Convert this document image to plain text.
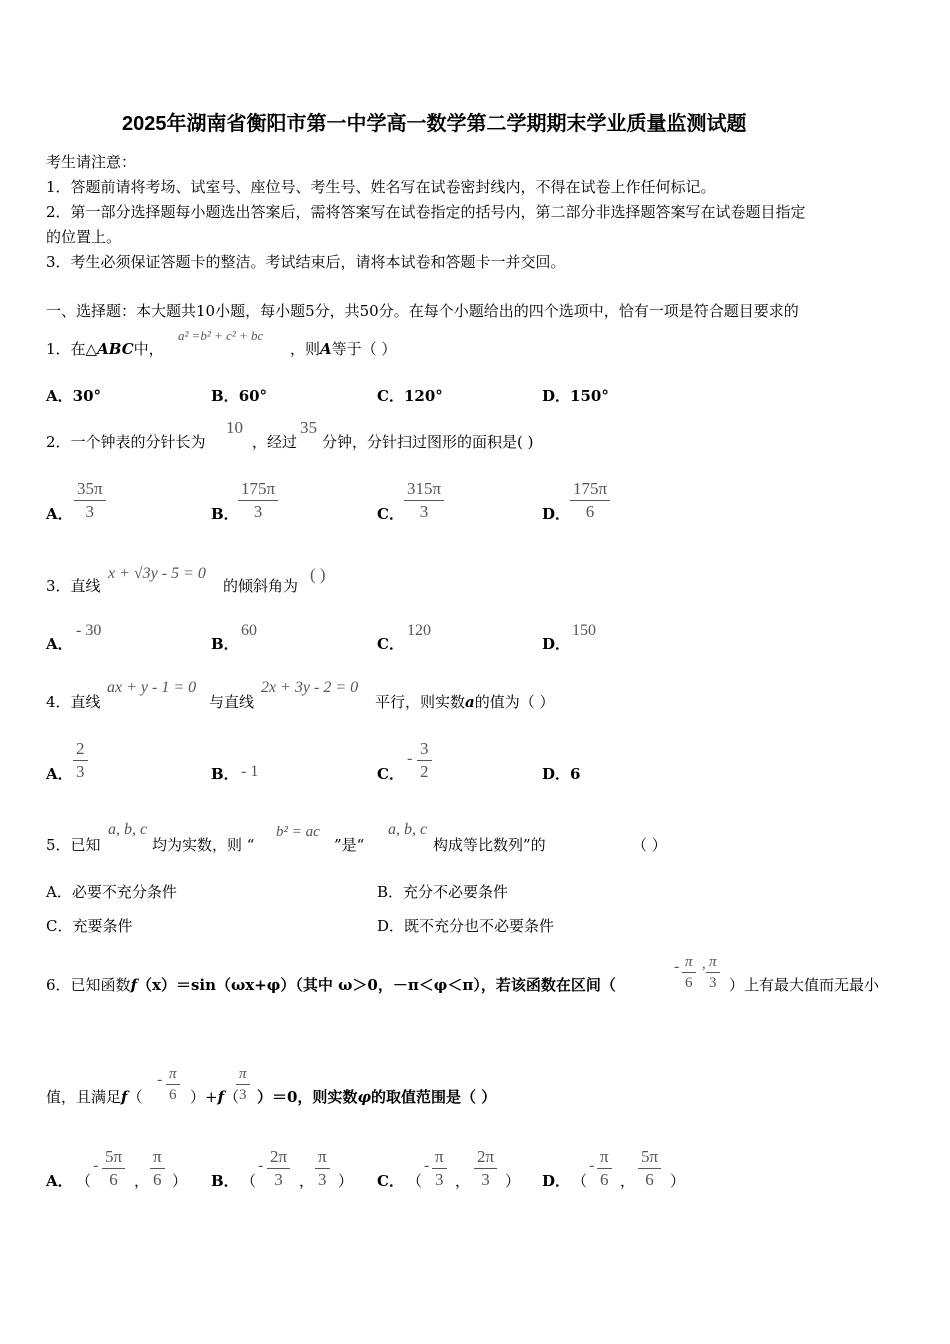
2025年湖南省衡阳市第一中学高一数学第二学期期末学业质量监测试题
考生请注意：
1．答题前请将考场、试室号、座位号、考生号、姓名写在试卷密封线内，不得在试卷上作任何标记。
2．第一部分选择题每小题选出答案后，需将答案写在试卷指定的括号内，第二部分非选择题答案写在试卷题目指定
的位置上。
3．考生必须保证答题卡的整洁。考试结束后，请将本试卷和答题卡一并交回。
一、选择题：本大题共10小题，每小题5分，共50分。在每个小题给出的四个选项中，恰有一项是符合题目要求的
1．在△ABC中，
a² =b² + c² + bc
，则A等于（ ）
A．30°	B．60°	C．120°	D．150°
2．一个钟表的分针长为
10
，经过
35
分钟，分针扫过图形的面积是( )
A． $\frac{35\pi}{3}$	B． $\frac{175\pi}{3}$	C． $\frac{315\pi}{3}$	D． $\frac{175\pi}{6}$
3．直线
x + √3y - 5 = 0
的倾斜角为
( )
A．
- 30
B．
60
C．
120
D．
150
4．直线
ax + y - 1 = 0
与直线
2x + 3y - 2 = 0
平行，则实数a的值为（ ）
A． $\frac{2}{3}$	B． - 1	C．
- $\frac{3}{2}$	D．6
5．已知
a, b, c
均为实数，则 “
b² = ac
”是“
a, b, c
构成等比数列”的	（ ）
A．必要不充分条件	B．充分不必要条件
C．充要条件	D．既不充分也不必要条件
6．已知函数f（x）＝sin（ωx+φ）（其中 ω＞0，－π＜φ＜π），若该函数在区间（
- $\frac{\pi}{6}$ , $\frac{\pi}{3}$ ）上有最大值而无最小
值，且满足f（
- $\frac{\pi}{6} )+f$（
$\frac{\pi}{3} )=0$，则实数φ的取值范围是（ ）
A． （
- $\frac{5\pi}{6}$ ， $\frac{\pi}{6}$ ） B． （
- $\frac{2\pi}{3}$ ， $\frac{\pi}{3}$ ） C． （
- $\frac{\pi}{3}$ ， $\frac{2\pi}{3}$ ） D． （
- $\frac{\pi}{6}$ ， $\frac{5\pi}{6}$ ）
